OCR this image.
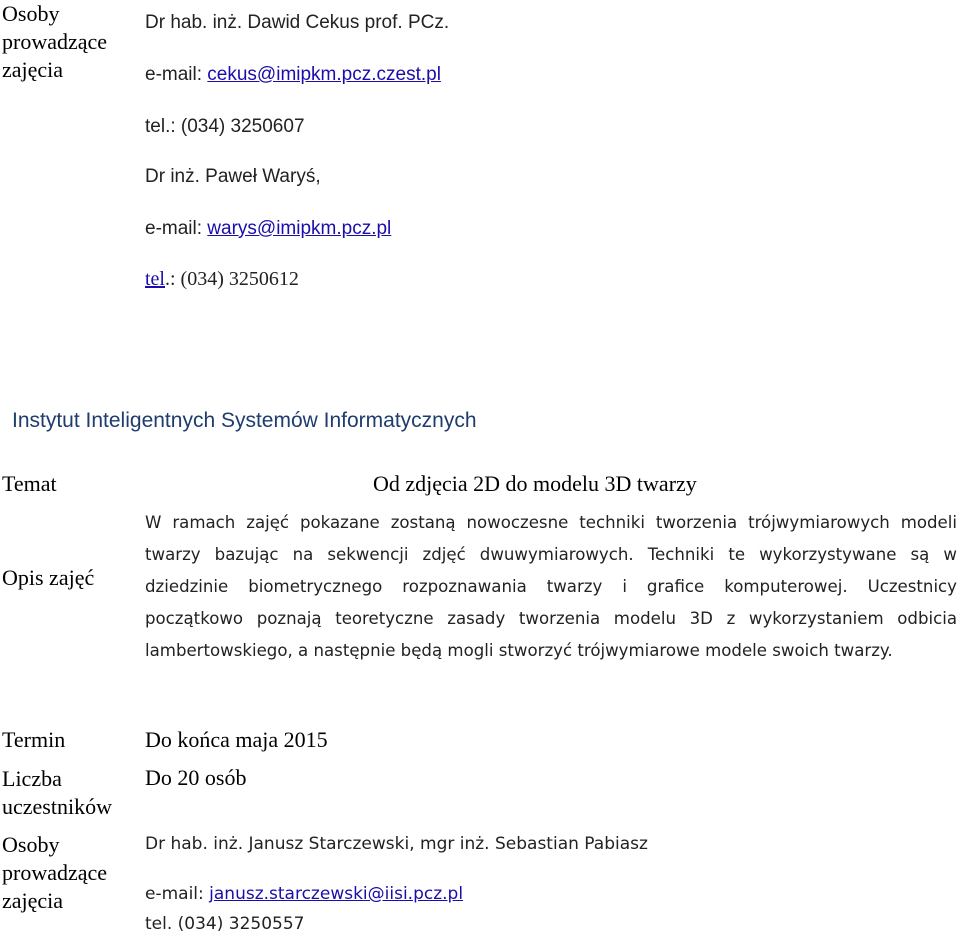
Osoby
prowadzące
zajęcia
Dr hab. inż. Dawid Cekus prof. PCz.
e-mail: cekus@imipkm.pcz.czest.pl
tel.: (034) 3250607
Dr inż. Paweł Waryś,
e-mail: warys@imipkm.pcz.pl
tel.: (034) 3250612
Instytut Inteligentnych Systemów Informatycznych
Temat	Od zdjęcia 2D do modelu 3D twarzy
Opis zajęć
W ramach zajęć pokazane zostaną nowoczesne techniki tworzenia trójwymiarowych modeli twarzy bazując na sekwencji zdjęć dwuwymiarowych. Techniki te wykorzystywane są w dziedzinie biometrycznego rozpoznawania twarzy i grafice komputerowej. Uczestnicy początkowo poznają teoretyczne zasady tworzenia modelu 3D z wykorzystaniem odbicia lambertowskiego, a następnie będą mogli stworzyć trójwymiarowe modele swoich twarzy.
Termin	Do końca maja 2015
Liczba
uczestników
Do 20 osób
Osoby
prowadzące
zajęcia
Dr hab. inż. Janusz Starczewski, mgr inż. Sebastian Pabiasz
e-mail: janusz.starczewski@iisi.pcz.pl
tel. (034) 3250557
